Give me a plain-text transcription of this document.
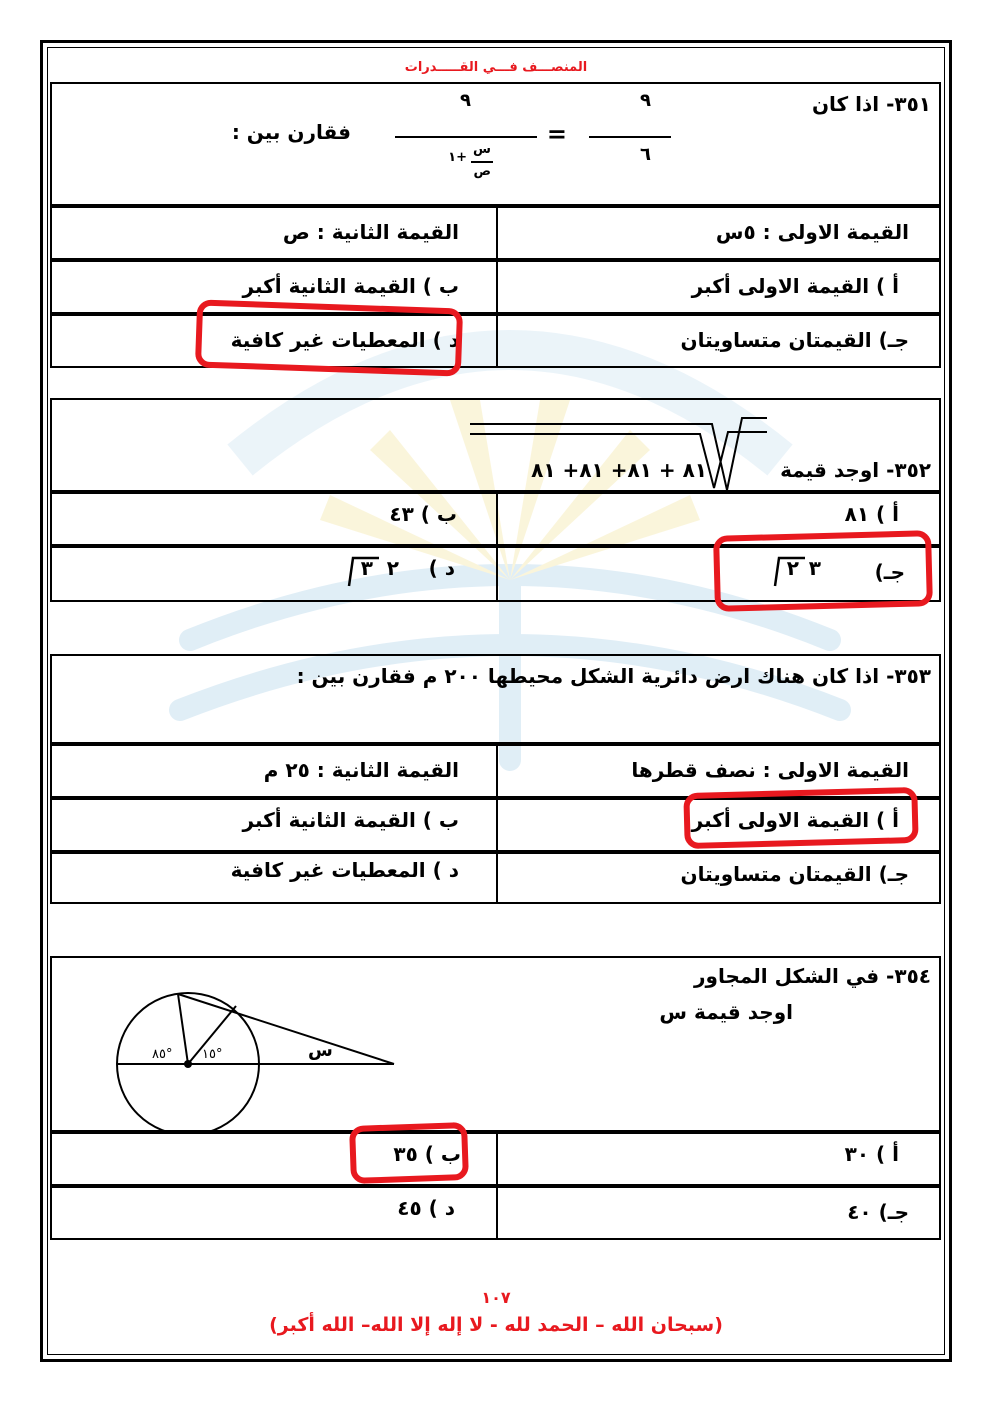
المنصـــف فـــي القـــــدرات
٣٥١- اذا كان
٩
٦
=
٩
س
ص
+١
فقارن بين :
القيمة الاولى : ٥س
القيمة الثانية : ص
أ ) القيمة الاولى أكبر
ب ) القيمة الثانية أكبر
جـ) القيمتان متساويتان
د ) المعطيات غير كافية
٣٥٢- اوجد قيمة
٨١ + ٨١+ ٨١+ ٨١
أ ) ٨١
ب ) ٤٣
جـ)
٣
٢
د )
٢
٣
٣٥٣- اذا كان هناك ارض دائرية الشكل محيطها ٢٠٠ م فقارن بين :
القيمة الاولى : نصف قطرها
القيمة الثانية : ٢٥ م
أ ) القيمة الاولى أكبر
ب ) القيمة الثانية أكبر
جـ) القيمتان متساويتان
د ) المعطيات غير كافية
٣٥٤- في الشكل المجاور
اوجد قيمة س
٨٥° ١٥°	س
أ ) ٣٠
ب ) ٣٥
جـ) ٤٠
د ) ٤٥
١٠٧
(سبحان الله – الحمد لله - لا إله إلا الله– الله أكبر)
